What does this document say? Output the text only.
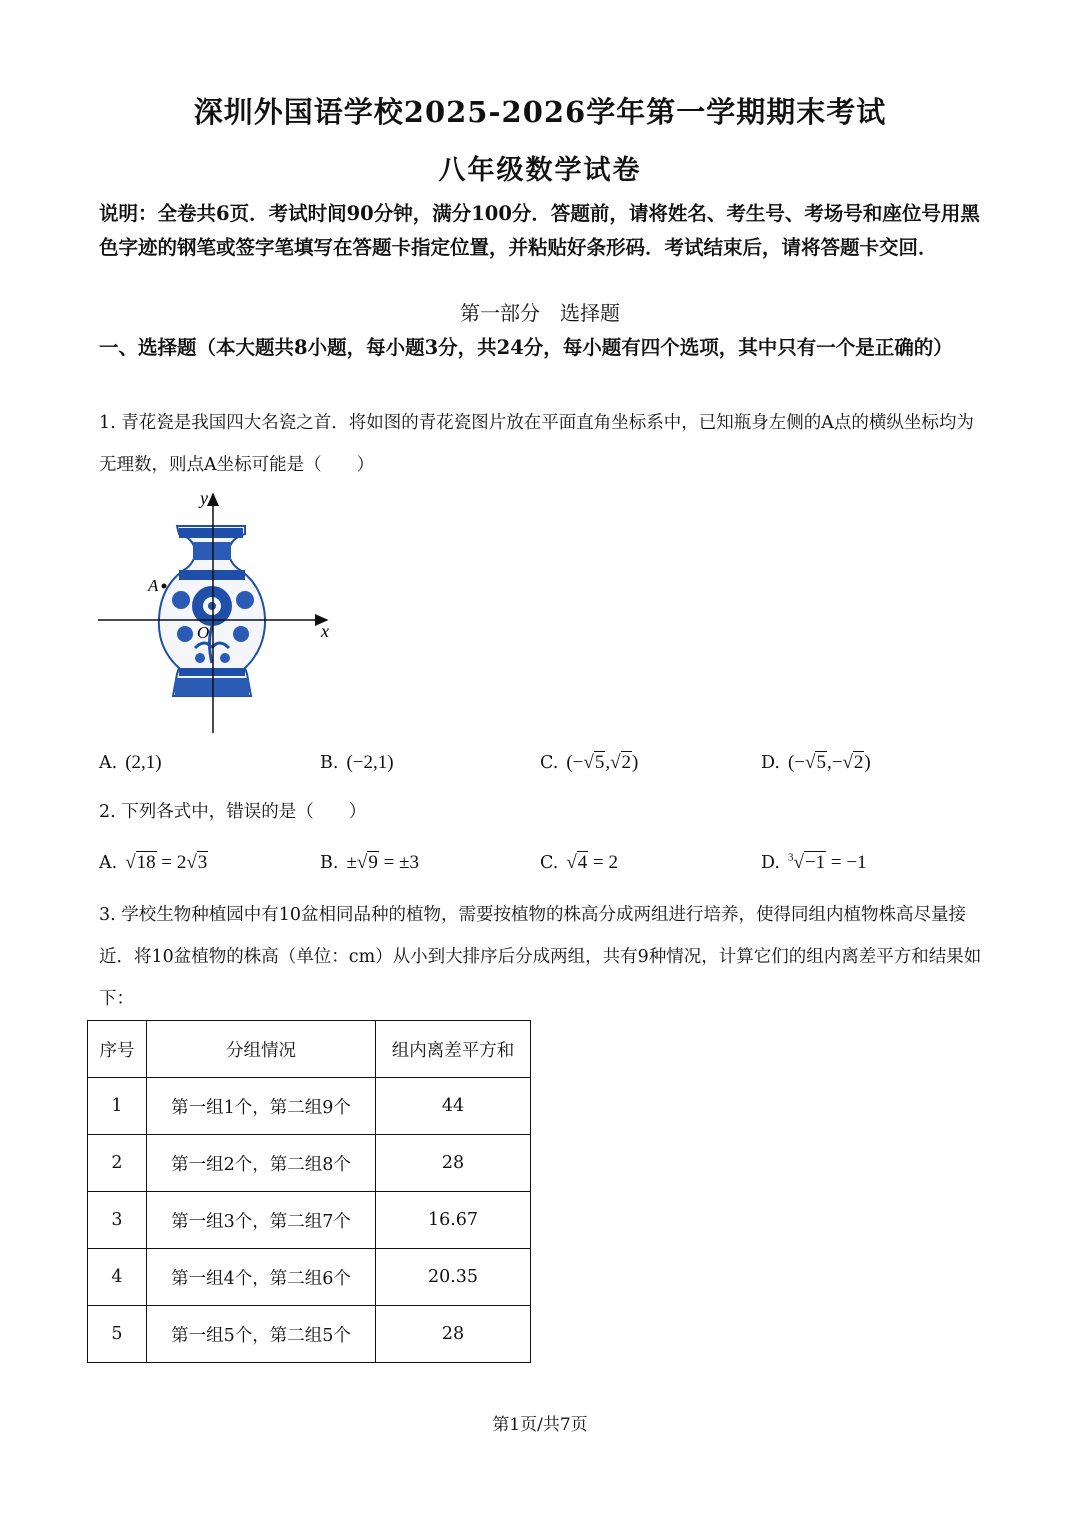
深圳外国语学校2025-2026学年第一学期期末考试
八年级数学试卷
说明：全卷共6页．考试时间90分钟，满分100分．答题前，请将姓名、考生号、考场号和座位号用黑色字迹的钢笔或签字笔填写在答题卡指定位置，并粘贴好条形码．考试结束后，请将答题卡交回．
第一部分　选择题
一、选择题（本大题共8小题，每小题3分，共24分，每小题有四个选项，其中只有一个是正确的）
1. 青花瓷是我国四大名瓷之首．将如图的青花瓷图片放在平面直角坐标系中，已知瓶身左侧的A点的横纵坐标均为无理数，则点A坐标可能是（　　）
y
x
O
A
A. (2,1)	B. (−2,1)	C. (−√5,√2)	D. (−√5,−√2)
2. 下列各式中，错误的是（　　）
A. √18 = 2√3	B. ±√9 = ±3	C. √4 = 2	D. $^3$√−1 = −1
3. 学校生物种植园中有10盆相同品种的植物，需要按植物的株高分成两组进行培养，使得同组内植物株高尽量接近．将10盆植物的株高（单位：cm）从小到大排序后分成两组，共有9种情况，计算它们的组内离差平方和结果如下：
序号	分组情况	组内离差平方和
1	第一组1个，第二组9个	44
2	第一组2个，第二组8个	28
3	第一组3个，第二组7个	16.67
4	第一组4个，第二组6个	20.35
5	第一组5个，第二组5个	28
第1页/共7页
